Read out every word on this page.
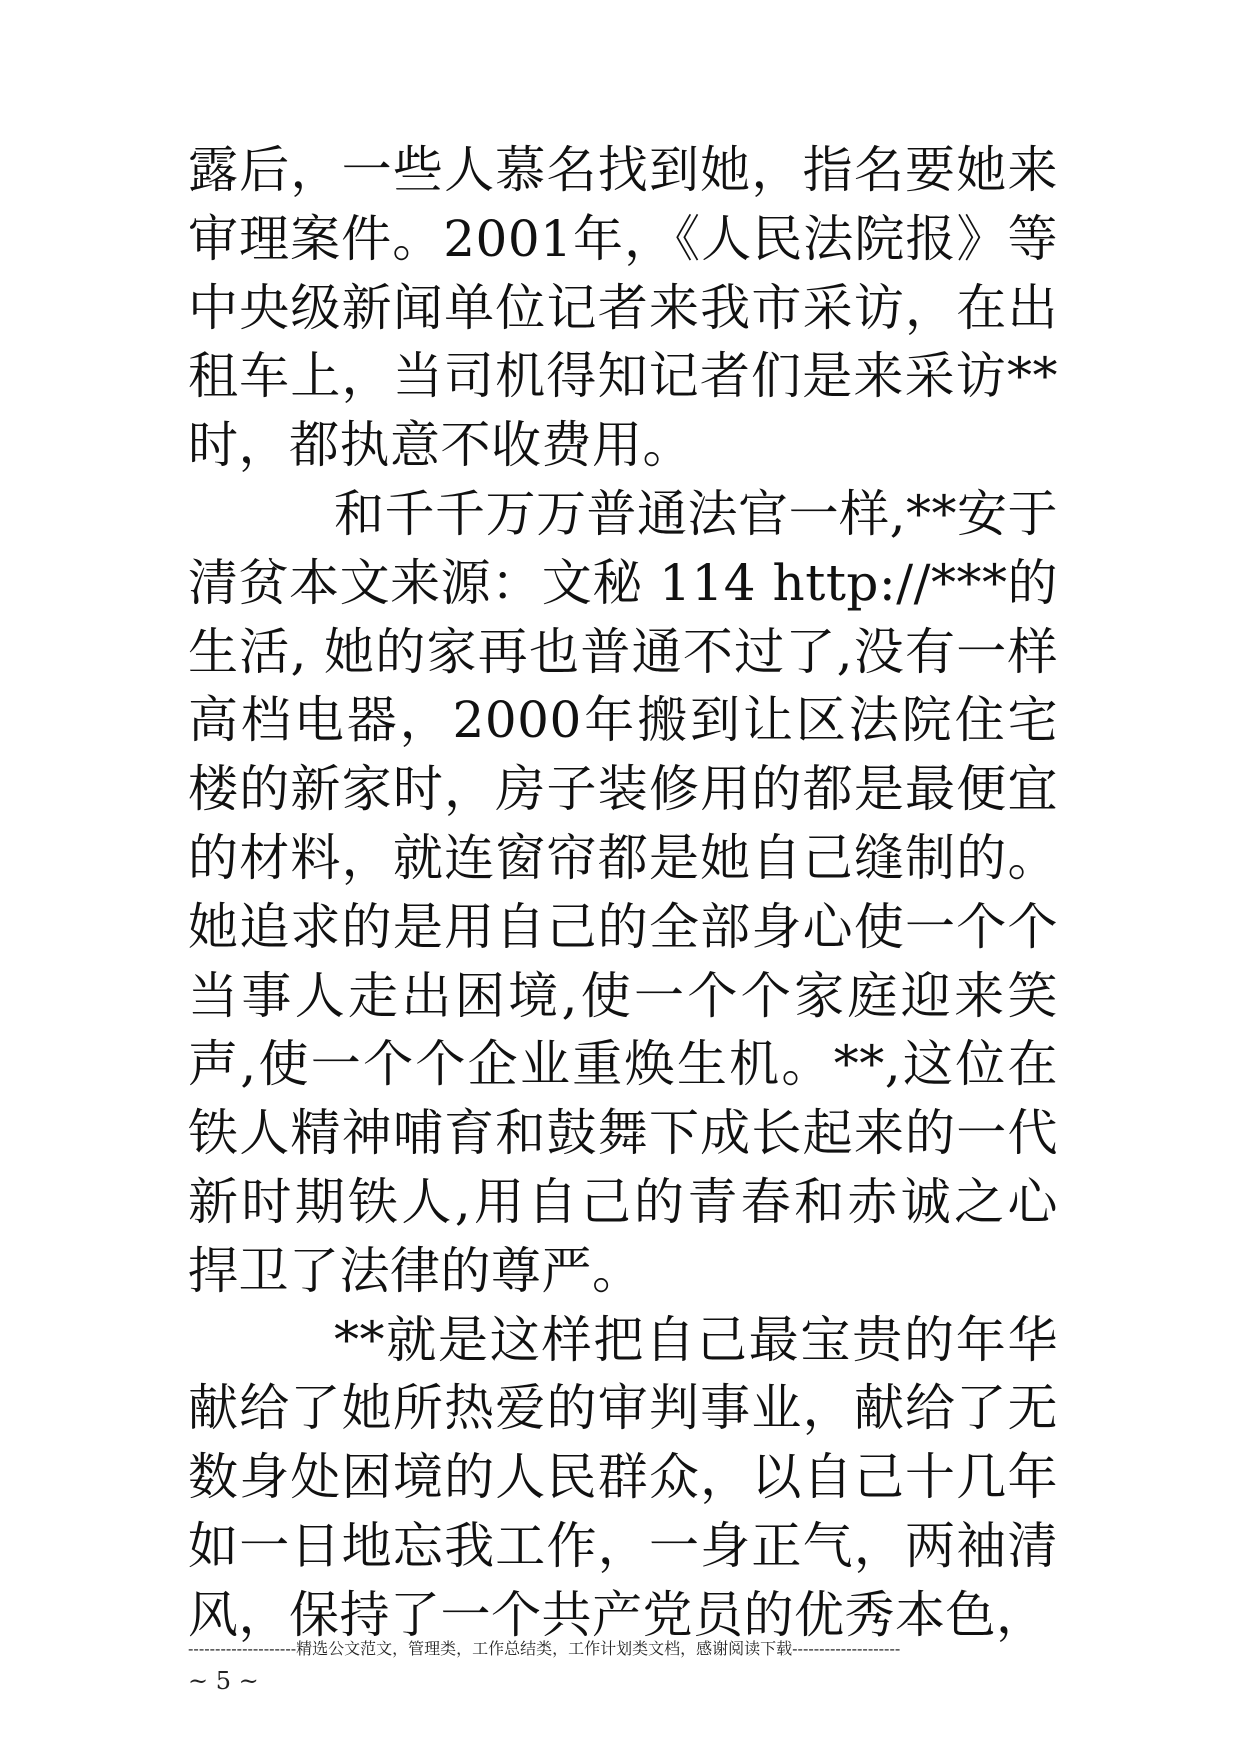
露后，一些人慕名找到她，指名要她来审理案件。2001年，《人民法院报》等中央级新闻单位记者来我市采访，在出租车上，当司机得知记者们是来采访**时，都执意不收费用。

和千千万万普通法官一样,**安于清贫本文来源：文秘 114 http://***的生活, 她的家再也普通不过了,没有一样高档电器，2000年搬到让区法院住宅楼的新家时，房子装修用的都是最便宜的材料，就连窗帘都是她自己缝制的。她追求的是用自己的全部身心使一个个当事人走出困境,使一个个家庭迎来笑声,使一个个企业重焕生机。**,这位在铁人精神哺育和鼓舞下成长起来的一代新时期铁人,用自己的青春和赤诚之心捍卫了法律的尊严。

**就是这样把自己最宝贵的年华献给了她所热爱的审判事业，献给了无数身处困境的人民群众，以自己十几年如一日地忘我工作，一身正气，两袖清风，保持了一个共产党员的优秀本色，

--------------------精选公文范文，管理类，工作总结类，工作计划类文档，感谢阅读下载--------------------
~ 5 ~
